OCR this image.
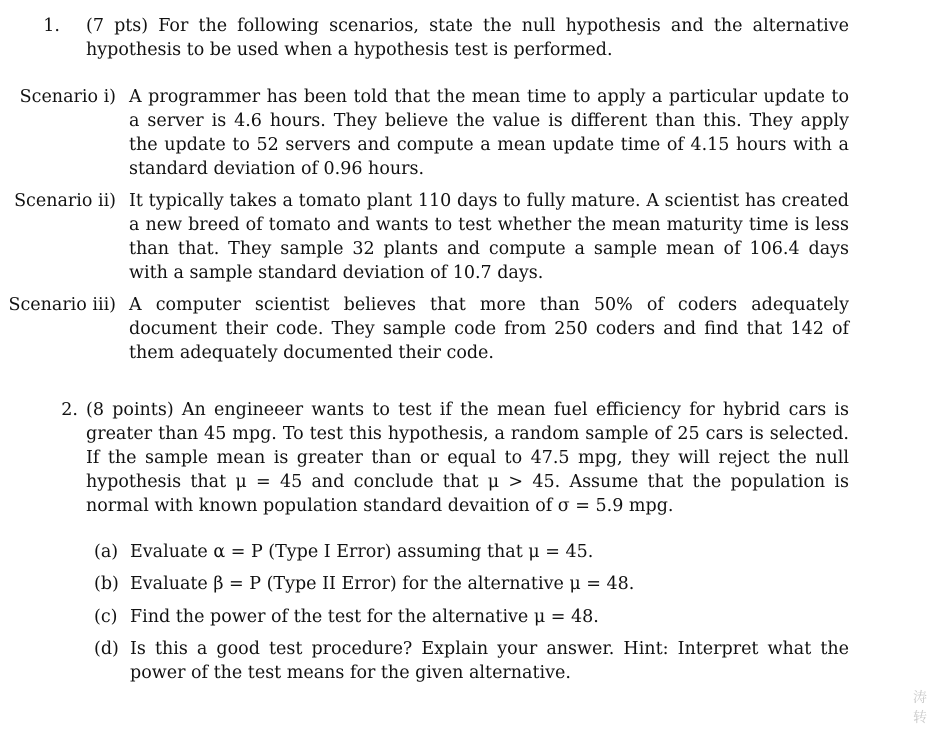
1. (7 pts) For the following scenarios, state the null hypothesis and the alternative hypothesis to be used when a hypothesis test is performed.
Scenario i) A programmer has been told that the mean time to apply a particular update to a server is 4.6 hours. They believe the value is different than this. They apply the update to 52 servers and compute a mean update time of 4.15 hours with a standard deviation of 0.96 hours.
Scenario ii) It typically takes a tomato plant 110 days to fully mature. A scientist has created a new breed of tomato and wants to test whether the mean maturity time is less than that. They sample 32 plants and compute a sample mean of 106.4 days with a sample standard deviation of 10.7 days.
Scenario iii) A computer scientist believes that more than 50% of coders adequately document their code. They sample code from 250 coders and find that 142 of them adequately documented their code.
2. (8 points) An engineeer wants to test if the mean fuel efficiency for hybrid cars is greater than 45 mpg. To test this hypothesis, a random sample of 25 cars is selected. If the sample mean is greater than or equal to 47.5 mpg, they will reject the null hypothesis that μ = 45 and conclude that μ > 45. Assume that the population is normal with known population standard devaition of σ = 5.9 mpg.
(a) Evaluate α = P (Type I Error) assuming that μ = 45.
(b) Evaluate β = P (Type II Error) for the alternative μ = 48.
(c) Find the power of the test for the alternative μ = 48.
(d) Is this a good test procedure? Explain your answer. Hint: Interpret what the power of the test means for the given alternative.
涛转
